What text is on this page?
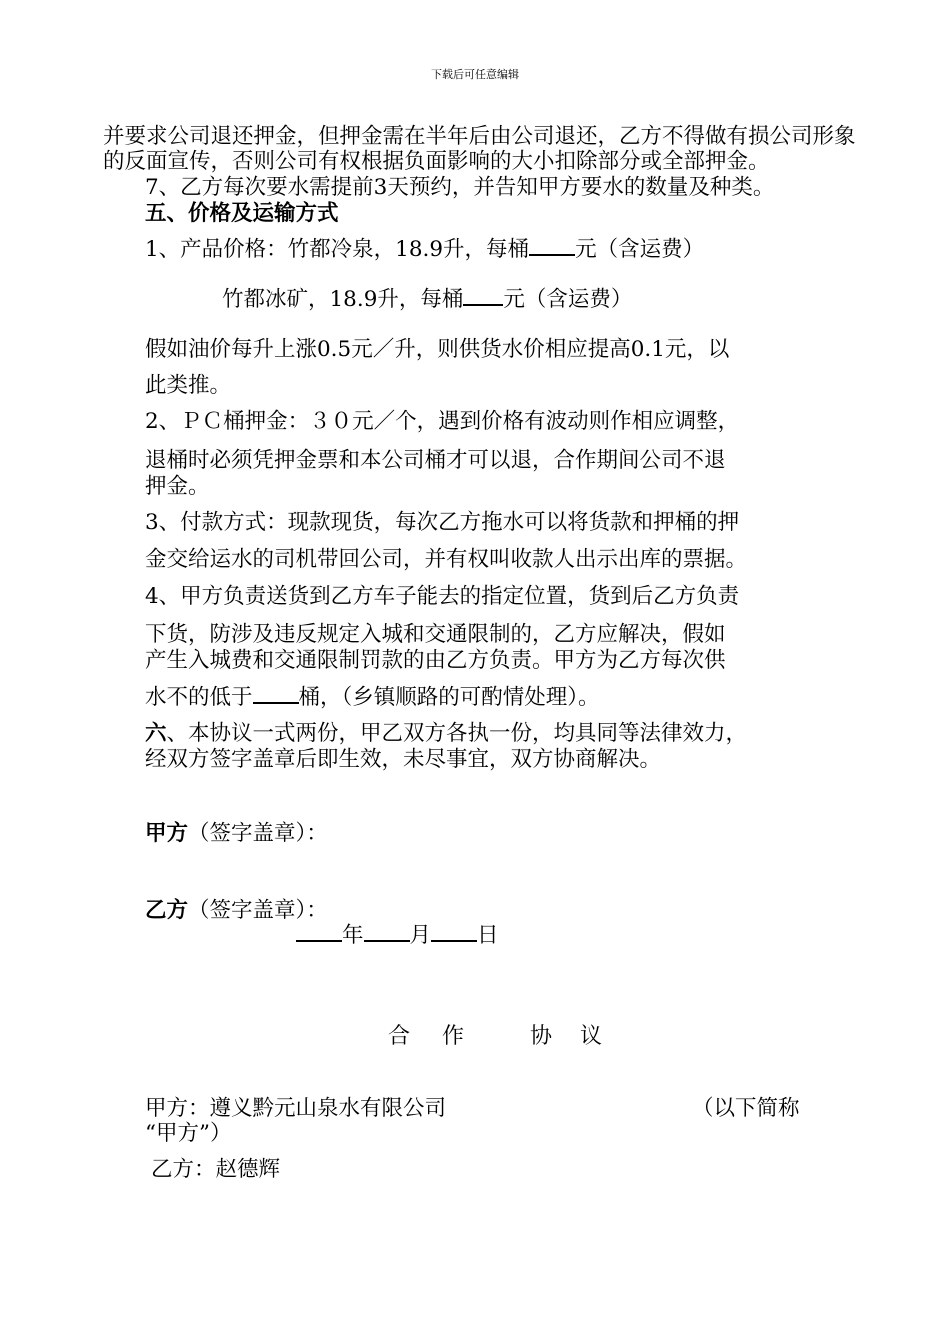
下载后可任意编辑
并要求公司退还押金，但押金需在半年后由公司退还，乙方不得做有损公司形象
的反面宣传，否则公司有权根据负面影响的大小扣除部分或全部押金。
7、乙方每次要水需提前3天预约，并告知甲方要水的数量及种类。
五、价格及运输方式
1、产品价格：竹都冷泉，18.9升，每桶 元（含运费）
竹都冰矿，18.9升，每桶 元（含运费）
假如油价每升上涨0.5元／升，则供货水价相应提高0.1元，以
此类推。
2、ＰＣ桶押金：３０元／个，遇到价格有波动则作相应调整，
退桶时必须凭押金票和本公司桶才可以退，合作期间公司不退
押金。
3、付款方式：现款现货，每次乙方拖水可以将货款和押桶的押
金交给运水的司机带回公司，并有权叫收款人出示出库的票据。
4、甲方负责送货到乙方车子能去的指定位置，货到后乙方负责
下货，防涉及违反规定入城和交通限制的，乙方应解决，假如
产生入城费和交通限制罚款的由乙方负责。甲方为乙方每次供
水不的低于 桶，（乡镇顺路的可酌情处理）。
六、本协议一式两份，甲乙双方各执一份，均具同等法律效力，
经双方签字盖章后即生效，未尽事宜，双方协商解决。
甲方（签字盖章）：
乙方（签字盖章）：
年 月 日
合 作	协 议
甲方：遵义黔元山泉水有限公司	（以下简称
“甲方”）
乙方：赵德辉
